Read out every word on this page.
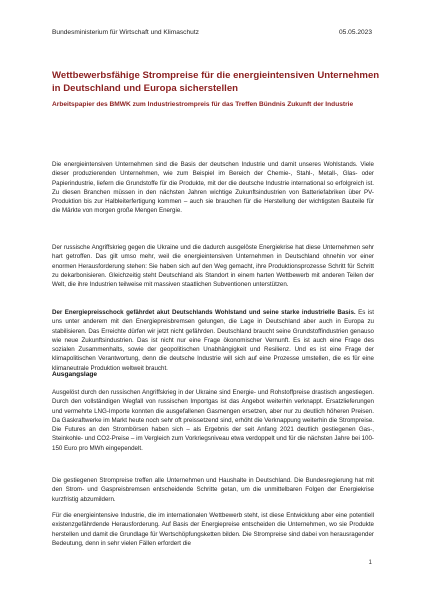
Bundesministerium für Wirtschaft und Klimaschutz	05.05.2023
Wettbewerbsfähige Strompreise für die energieintensiven Unternehmen in Deutschland und Europa sicherstellen
Arbeitspapier des BMWK zum Industriestrompreis für das Treffen Bündnis Zukunft der Industrie

Die energieintensiven Unternehmen sind die Basis der deutschen Industrie und damit unseres Wohlstands. Viele dieser produzierenden Unternehmen, wie zum Beispiel im Bereich der Chemie-, Stahl-, Metall-, Glas- oder Papierindustrie, liefern die Grundstoffe für die Produkte, mit der die deutsche Industrie international so erfolgreich ist. Zu diesen Branchen müssen in den nächsten Jahren wichtige Zukunftsindustrien von Batteriefabriken über PV-Produktion bis zur Halbleiterfertigung kommen – auch sie brauchen für die Herstellung der wichtigsten Bauteile für die Märkte von morgen große Mengen Energie.

Der russische Angriffskrieg gegen die Ukraine und die dadurch ausgelöste Energiekrise hat diese Unternehmen sehr hart getroffen. Das gilt umso mehr, weil die energieintensiven Unternehmen in Deutschland ohnehin vor einer enormen Herausforderung stehen: Sie haben sich auf den Weg gemacht, ihre Produktionsprozesse Schritt für Schritt zu dekarbonisieren. Gleichzeitig steht Deutschland als Standort in einem harten Wettbewerb mit anderen Teilen der Welt, die ihre Industrien teilweise mit massiven staatlichen Subventionen unterstützen.

Der Energiepreisschock gefährdet akut Deutschlands Wohlstand und seine starke industrielle Basis. Es ist uns unter anderem mit den Energiepreisbremsen gelungen, die Lage in Deutschland aber auch in Europa zu stabilisieren. Das Erreichte dürfen wir jetzt nicht gefährden. Deutschland braucht seine Grundstoffindustrien genauso wie neue Zukunftsindustrien. Das ist nicht nur eine Frage ökonomischer Vernunft. Es ist auch eine Frage des sozialen Zusammenhalts, sowie der geopolitischen Unabhängigkeit und Resilienz. Und es ist eine Frage der klimapolitischen Verantwortung, denn die deutsche Industrie will sich auf eine Prozesse umstellen, die es für eine klimaneutrale Produktion weltweit braucht.

Ausgangslage

Ausgelöst durch den russischen Angriffskrieg in der Ukraine sind Energie- und Rohstoffpreise drastisch angestiegen. Durch den vollständigen Wegfall von russischen Importgas ist das Angebot weiterhin verknappt. Ersatzlieferungen und vermehrte LNG-Importe konnten die ausgefallenen Gasmengen ersetzen, aber nur zu deutlich höheren Preisen. Da Gaskraftwerke im Markt heute noch sehr oft preissetzend sind, erhöht die Verknappung weiterhin die Strompreise. Die Futures an den Strombörsen haben sich – als Ergebnis der seit Anfang 2021 deutlich gestiegenen Gas-, Steinkohle- und CO2-Preise – im Vergleich zum Vorkriegsniveau etwa verdoppelt und für die nächsten Jahre bei 100-150 Euro pro MWh eingependelt.

Die gestiegenen Strompreise treffen alle Unternehmen und Haushalte in Deutschland. Die Bundesregierung hat mit den Strom- und Gaspreisbremsen entscheidende Schritte getan, um die unmittelbaren Folgen der Energiekrise kurzfristig abzumildern.

Für die energieintensive Industrie, die im internationalen Wettbewerb steht, ist diese Entwicklung aber eine potentiell existenzgefährdende Herausforderung. Auf Basis der Energiepreise entscheiden die Unternehmen, wo sie Produkte herstellen und damit die Grundlage für Wertschöpfungsketten bilden. Die Strompreise sind dabei von herausragender Bedeutung, denn in sehr vielen Fällen erfordert die

1
